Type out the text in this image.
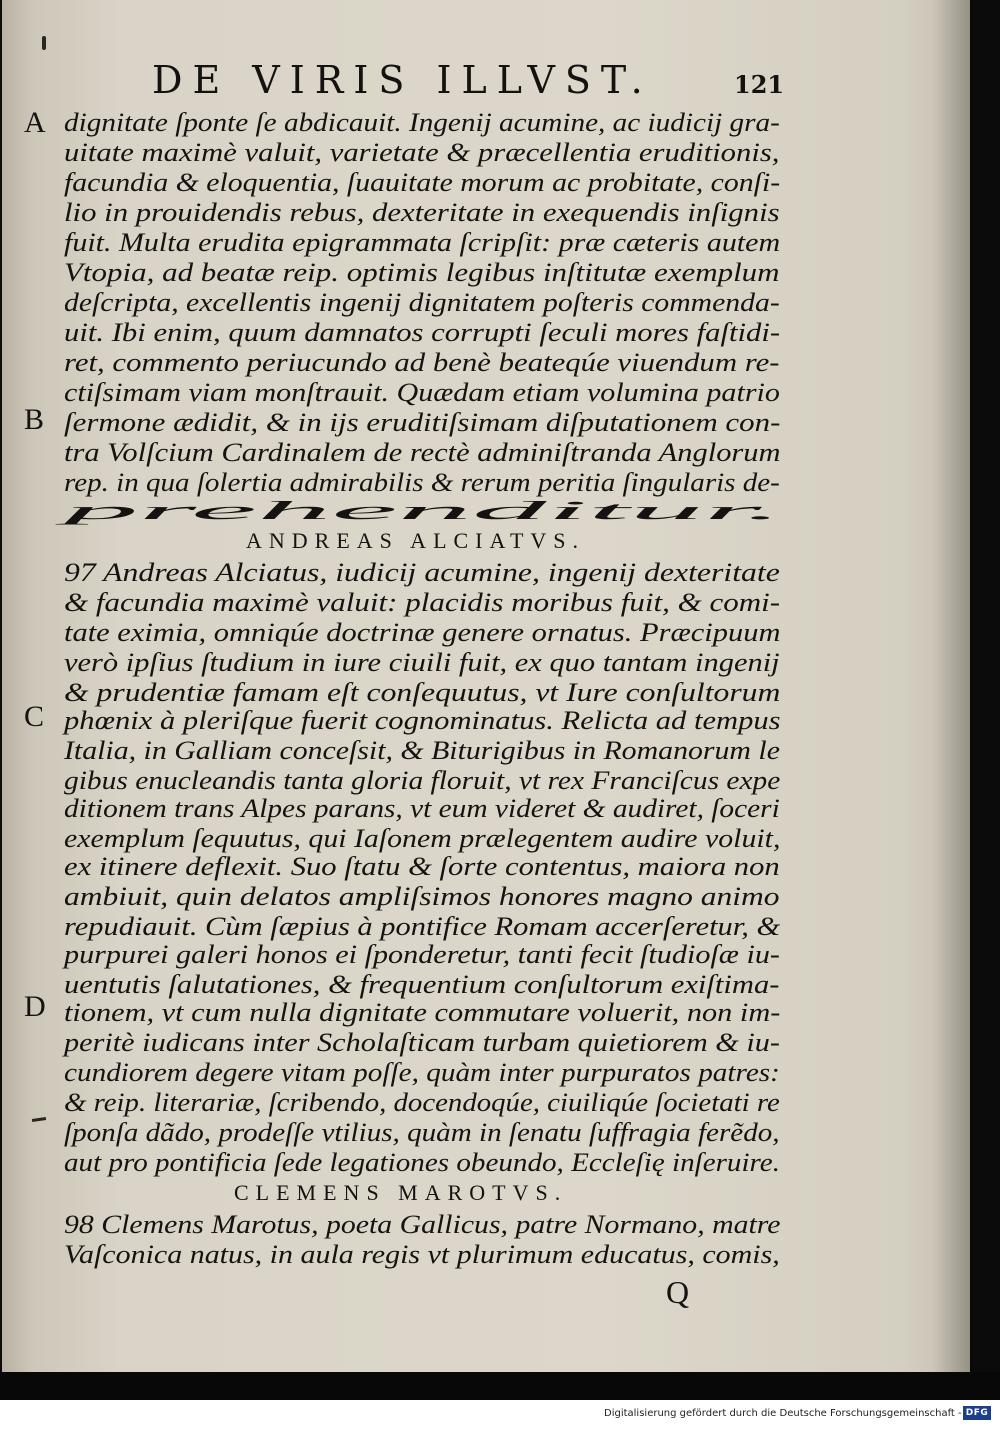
DE VIRIS ILLVST.	121
A
B
C
D
dignitate ſponte ſe abdicauit. Ingenij acumine, ac iudicij gra-
uitate maximè valuit, varietate & præcellentia eruditionis,
facundia & eloquentia, ſuauitate morum ac probitate, conſi-
lio in prouidendis rebus, dexteritate in exequendis inſignis
fuit. Multa erudita epigrammata ſcripſit: præ cæteris autem
Vtopia, ad beatæ reip. optimis legibus inſtitutæ exemplum
deſcripta, excellentis ingenij dignitatem poſteris commenda-
uit. Ibi enim, quum damnatos corrupti ſeculi mores faſtidi-
ret, commento periucundo ad benè beateqúe viuendum re-
ctiſsimam viam monſtrauit. Quædam etiam volumina patrio
ſermone ædidit, & in ijs eruditiſsimam diſputationem con-
tra Volſcium Cardinalem de rectè adminiſtranda Anglorum
rep. in qua ſolertia admirabilis & rerum peritia ſingularis de-
prehenditur.
ANDREAS ALCIATVS.
97 Andreas Alciatus, iudicij acumine, ingenij dexteritate
& facundia maximè valuit: placidis moribus fuit, & comi-
tate eximia, omniqúe doctrinæ genere ornatus. Præcipuum
verò ipſius ſtudium in iure ciuili fuit, ex quo tantam ingenij
& prudentiæ famam eſt conſequutus, vt Iure conſultorum
phœnix à pleriſque fuerit cognominatus. Relicta ad tempus
Italia, in Galliam conceſsit, & Biturigibus in Romanorum le
gibus enucleandis tanta gloria floruit, vt rex Franciſcus expe
ditionem trans Alpes parans, vt eum videret & audiret, ſoceri
exemplum ſequutus, qui Iaſonem prælegentem audire voluit,
ex itinere deflexit. Suo ſtatu & ſorte contentus, maiora non
ambiuit, quin delatos ampliſsimos honores magno animo
repudiauit. Cùm ſæpius à pontifice Romam accerſeretur, &
purpurei galeri honos ei ſponderetur, tanti fecit ſtudioſæ iu-
uentutis ſalutationes, & frequentium conſultorum exiſtima-
tionem, vt cum nulla dignitate commutare voluerit, non im-
peritè iudicans inter Scholaſticam turbam quietiorem & iu-
cundiorem degere vitam poſſe, quàm inter purpuratos patres:
& reip. literariæ, ſcribendo, docendoqúe, ciuiliqúe ſocietati re
ſponſa dãdo, prodeſſe vtilius, quàm in ſenatu ſuffragia ferẽdo,
aut pro pontificia ſede legationes obeundo, Eccleſię inſeruire.
CLEMENS MAROTVS.
98 Clemens Marotus, poeta Gallicus, patre Normano, matre
Vaſconica natus, in aula regis vt plurimum educatus, comis,
Q
Digitalisierung gefördert durch die Deutsche Forschungsgemeinschaft - DFG
